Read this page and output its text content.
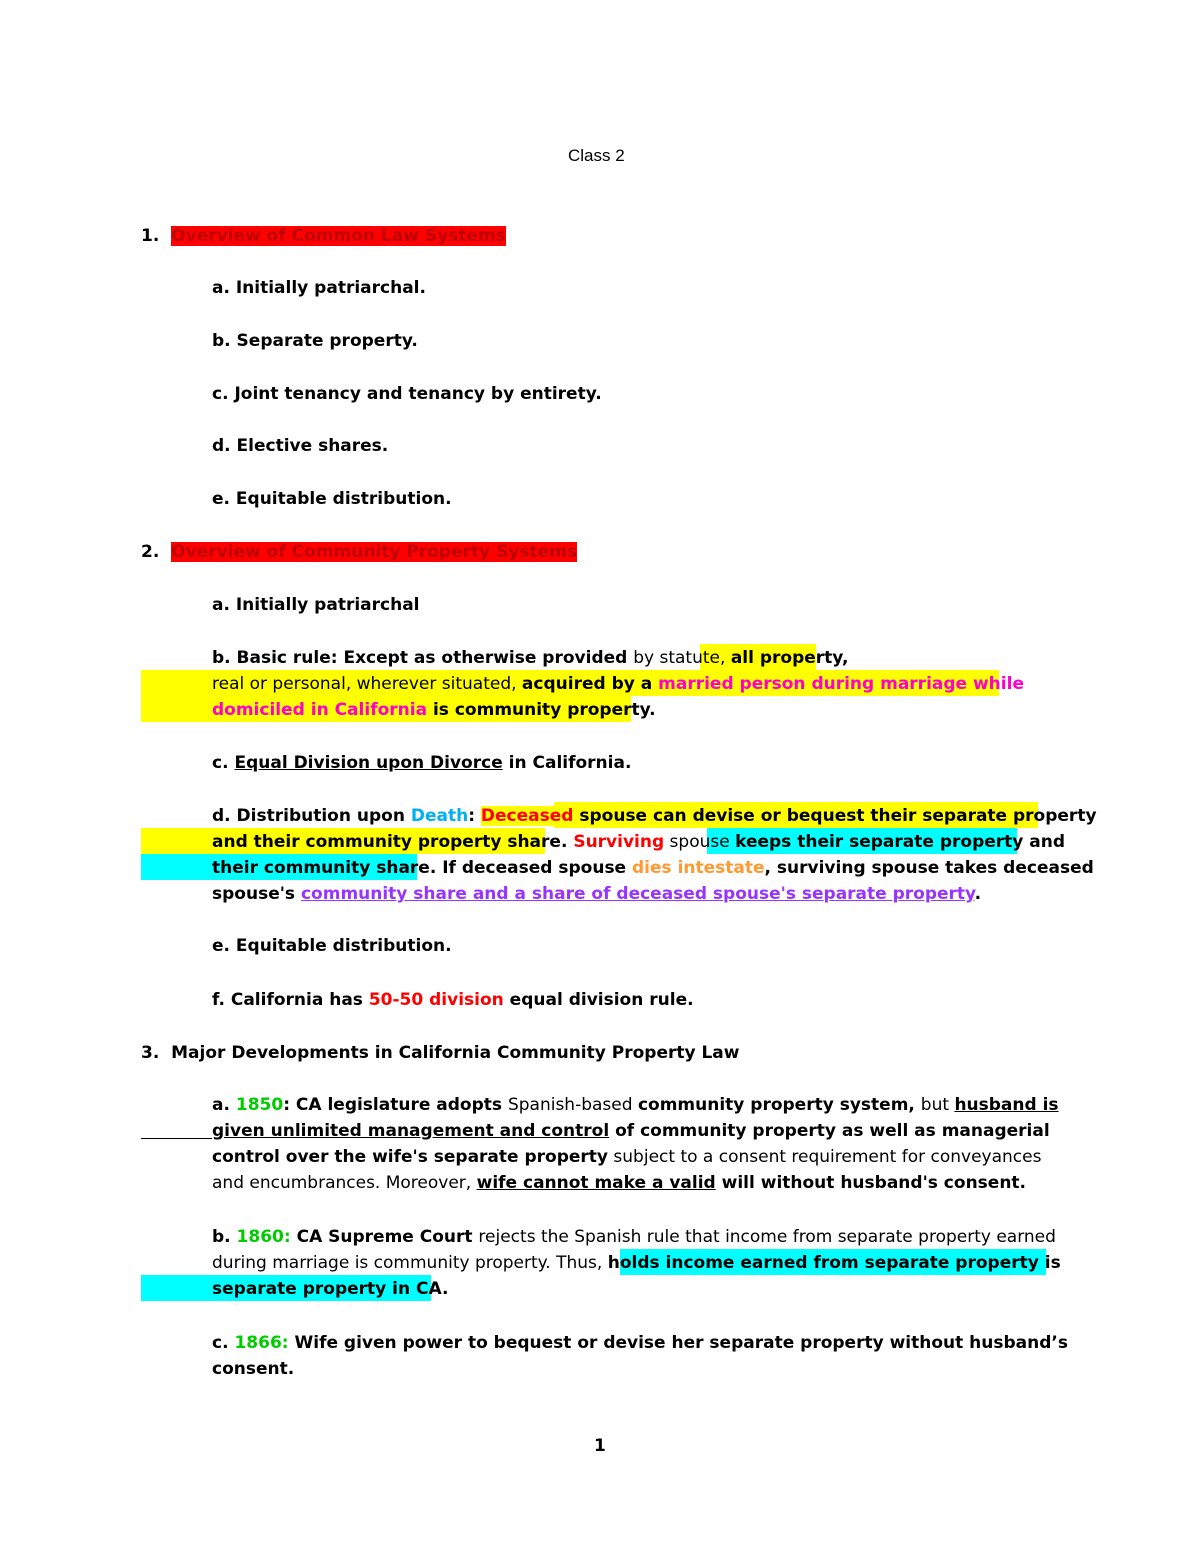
Class 2
1. Overview of Common Law Systems
a. Initially patriarchal.
b. Separate property.
c. Joint tenancy and tenancy by entirety.
d. Elective shares.
e. Equitable distribution.
2. Overview of Community Property Systems
a. Initially patriarchal
b. Basic rule: Except as otherwise provided by statute, all property,
real or personal, wherever situated, acquired by a married person during marriage while
domiciled in California is community property.
c. Equal Division upon Divorce in California.
d. Distribution upon Death: Deceased spouse can devise or bequest their separate property
and their community property share. Surviving spouse keeps their separate property and
their community share. If deceased spouse dies intestate, surviving spouse takes deceased
spouse's community share and a share of deceased spouse's separate property.
e. Equitable distribution.
f. California has 50-50 division equal division rule.
3. Major Developments in California Community Property Law
a. 1850: CA legislature adopts Spanish-based community property system, but husband is
given unlimited management and control of community property as well as managerial
control over the wife's separate property subject to a consent requirement for conveyances
and encumbrances. Moreover, wife cannot make a valid will without husband's consent.
b. 1860: CA Supreme Court rejects the Spanish rule that income from separate property earned
during marriage is community property. Thus, holds income earned from separate property is
separate property in CA.
c. 1866: Wife given power to bequest or devise her separate property without husband’s
consent.
1
